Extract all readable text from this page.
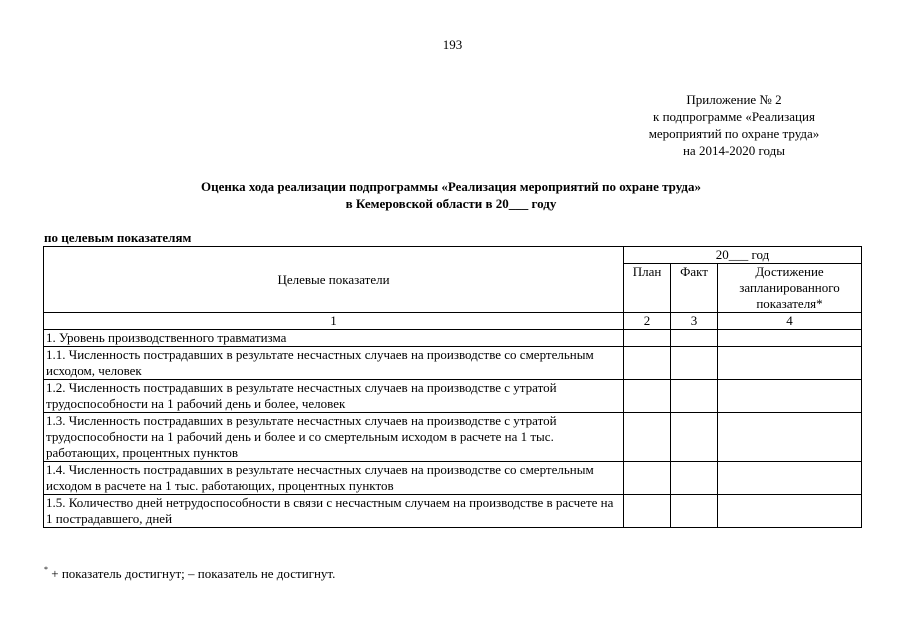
193
Приложение № 2
к подпрограмме «Реализация
мероприятий по охране труда»
на 2014-2020 годы
Оценка хода реализации подпрограммы «Реализация мероприятий по охране труда»
в Кемеровской области в 20___ году
по целевым показателям
Целевые показатели	20___ год		
	План	Факт	Достижение запланированного показателя*
1	2	3	4
1. Уровень производственного травматизма			
1.1. Численность пострадавших в результате несчастных случаев на производстве со смертельным исходом, человек			
1.2. Численность пострадавших в результате несчастных случаев на производстве с утратой трудоспособности на 1 рабочий день и более, человек			
1.3. Численность пострадавших в результате несчастных случаев на производстве с утратой трудоспособности на 1 рабочий день и более и со смертельным исходом в расчете на 1 тыс. работающих, процентных пунктов			
1.4. Численность пострадавших в результате несчастных случаев на производстве со смертельным исходом в расчете на 1 тыс. работающих, процентных пунктов			
1.5. Количество дней нетрудоспособности в связи с несчастным случаем на производстве в расчете на 1 пострадавшего, дней			
* + показатель достигнут; – показатель не достигнут.
